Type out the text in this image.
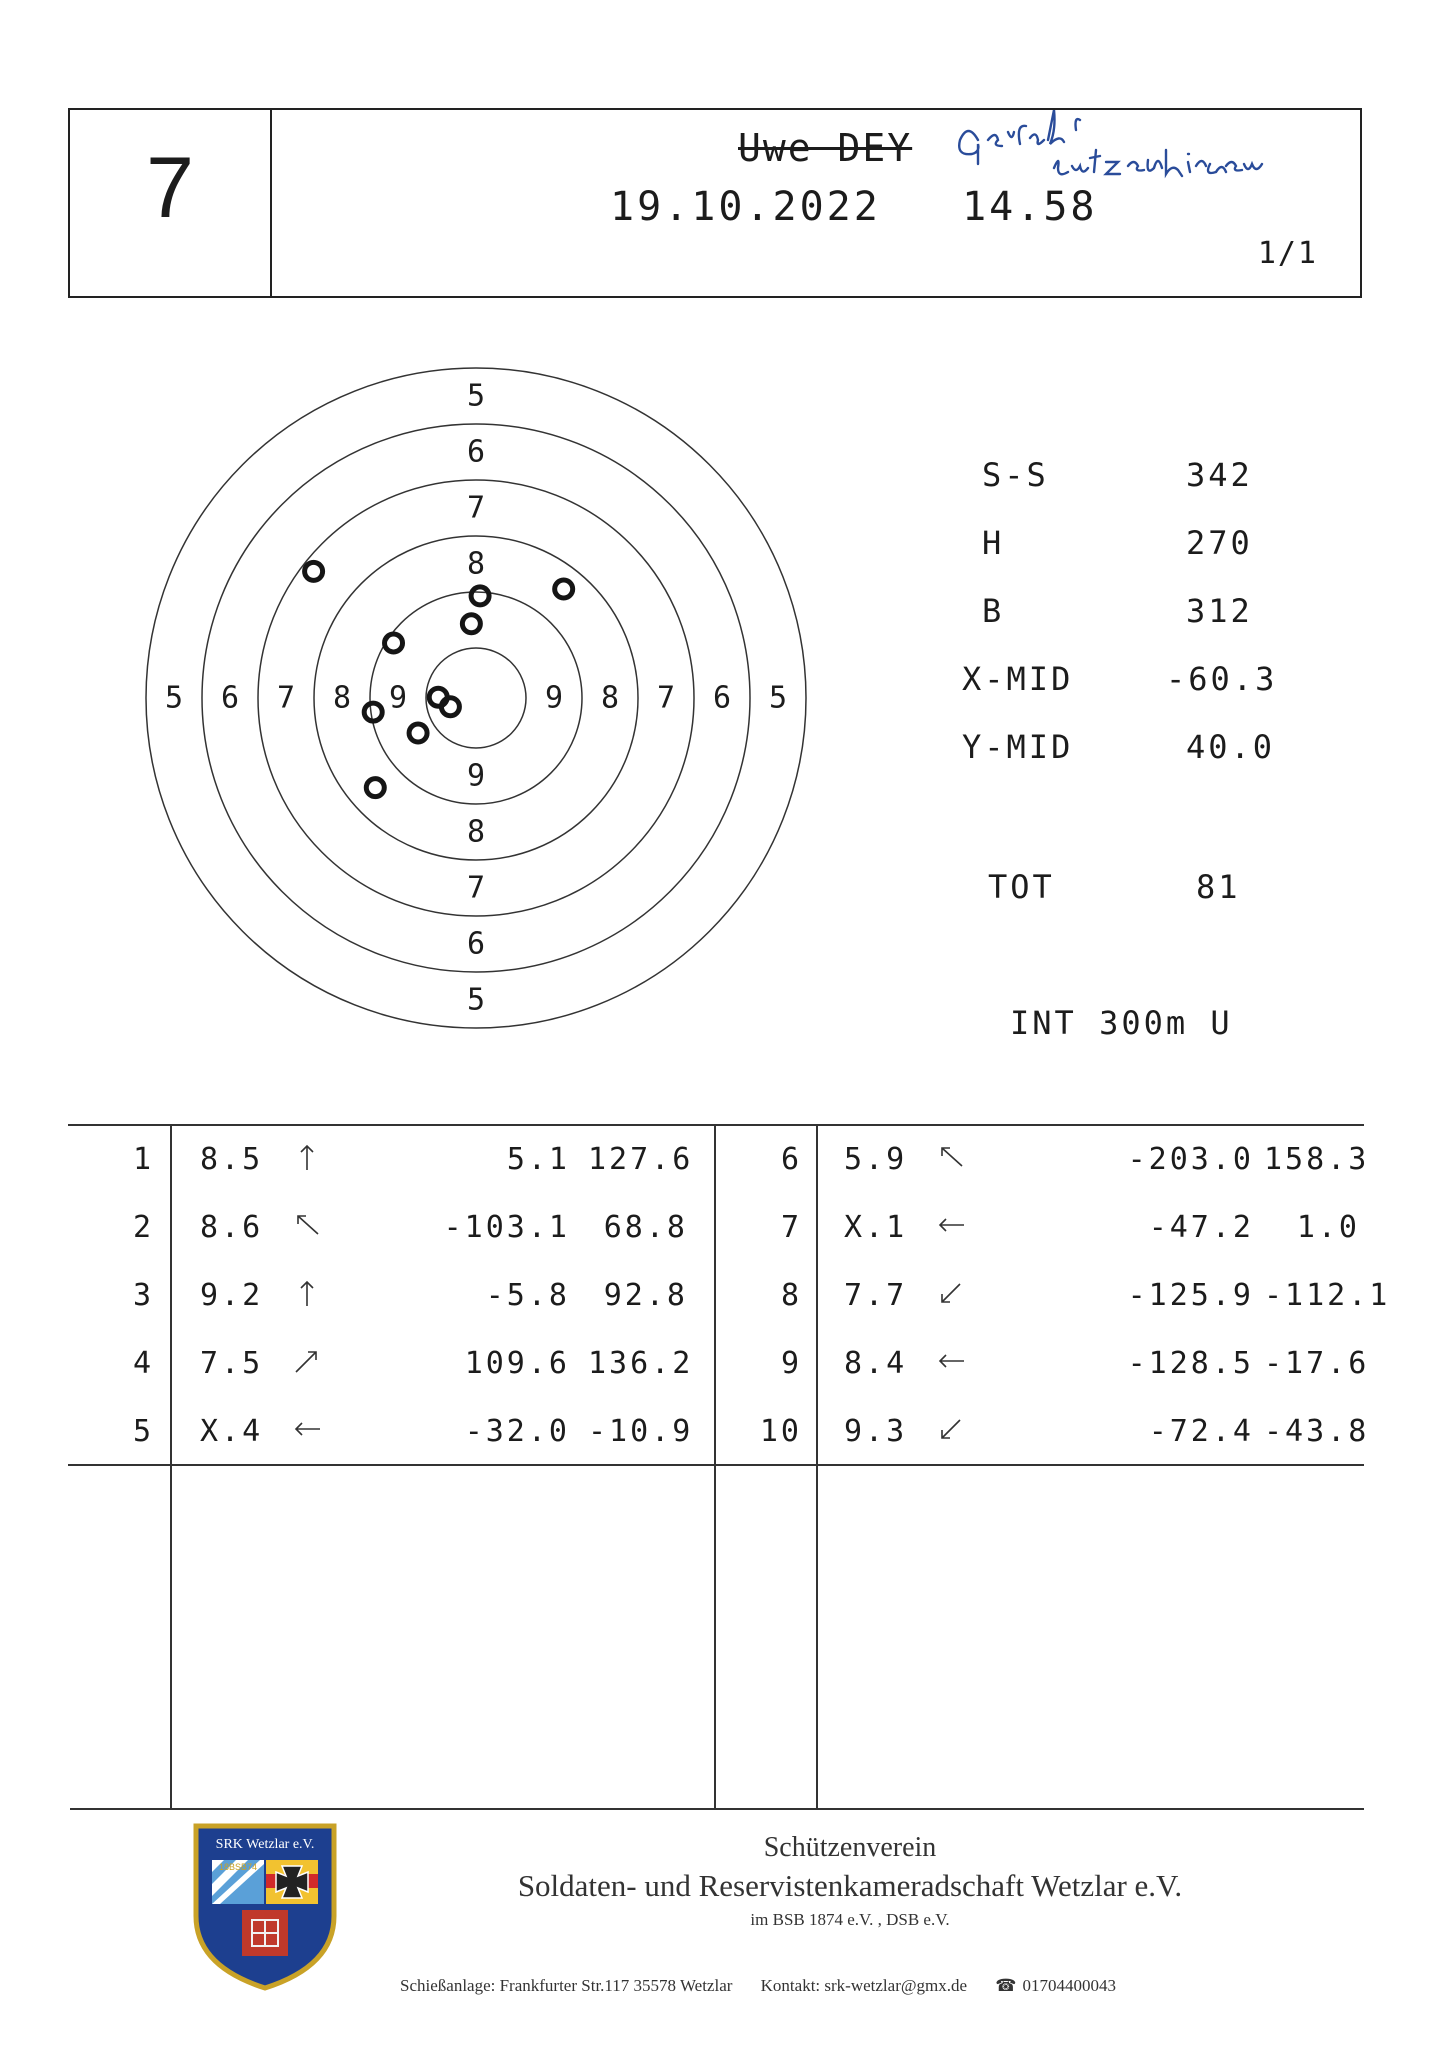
7	Uwe DEY
19.10.2022 14.58
1/1
5
5
5	5
6
6
6	6
7
7
7	7
8
8
8	8
9
9	9
S-S	342
H	270
B	312
X-MID	-60.3
Y-MID	40.0
TOT	81
INT 300m U
1 8.5	5.1 127.6
2 8.6	-103.1	68.8
3 9.2	-5.8	92.8
4 7.5	109.6 136.2
5 X.4	-32.0 -10.9
6 5.9	-203.0 158.3
7 X.1	-47.2	1.0
8 7.7	-125.9 -112.1
9 8.4	-128.5 -17.6
10 9.3	-72.4 -43.8
SRK Wetzlar e.V.
18BSB74
Schützenverein
Soldaten- und Reservistenkameradschaft Wetzlar e.V.
im BSB 1874 e.V. , DSB e.V.
Schießanlage: Frankfurter Str.117 35578 Wetzlar Kontakt: srk-wetzlar@gmx.de ☎ 01704400043
